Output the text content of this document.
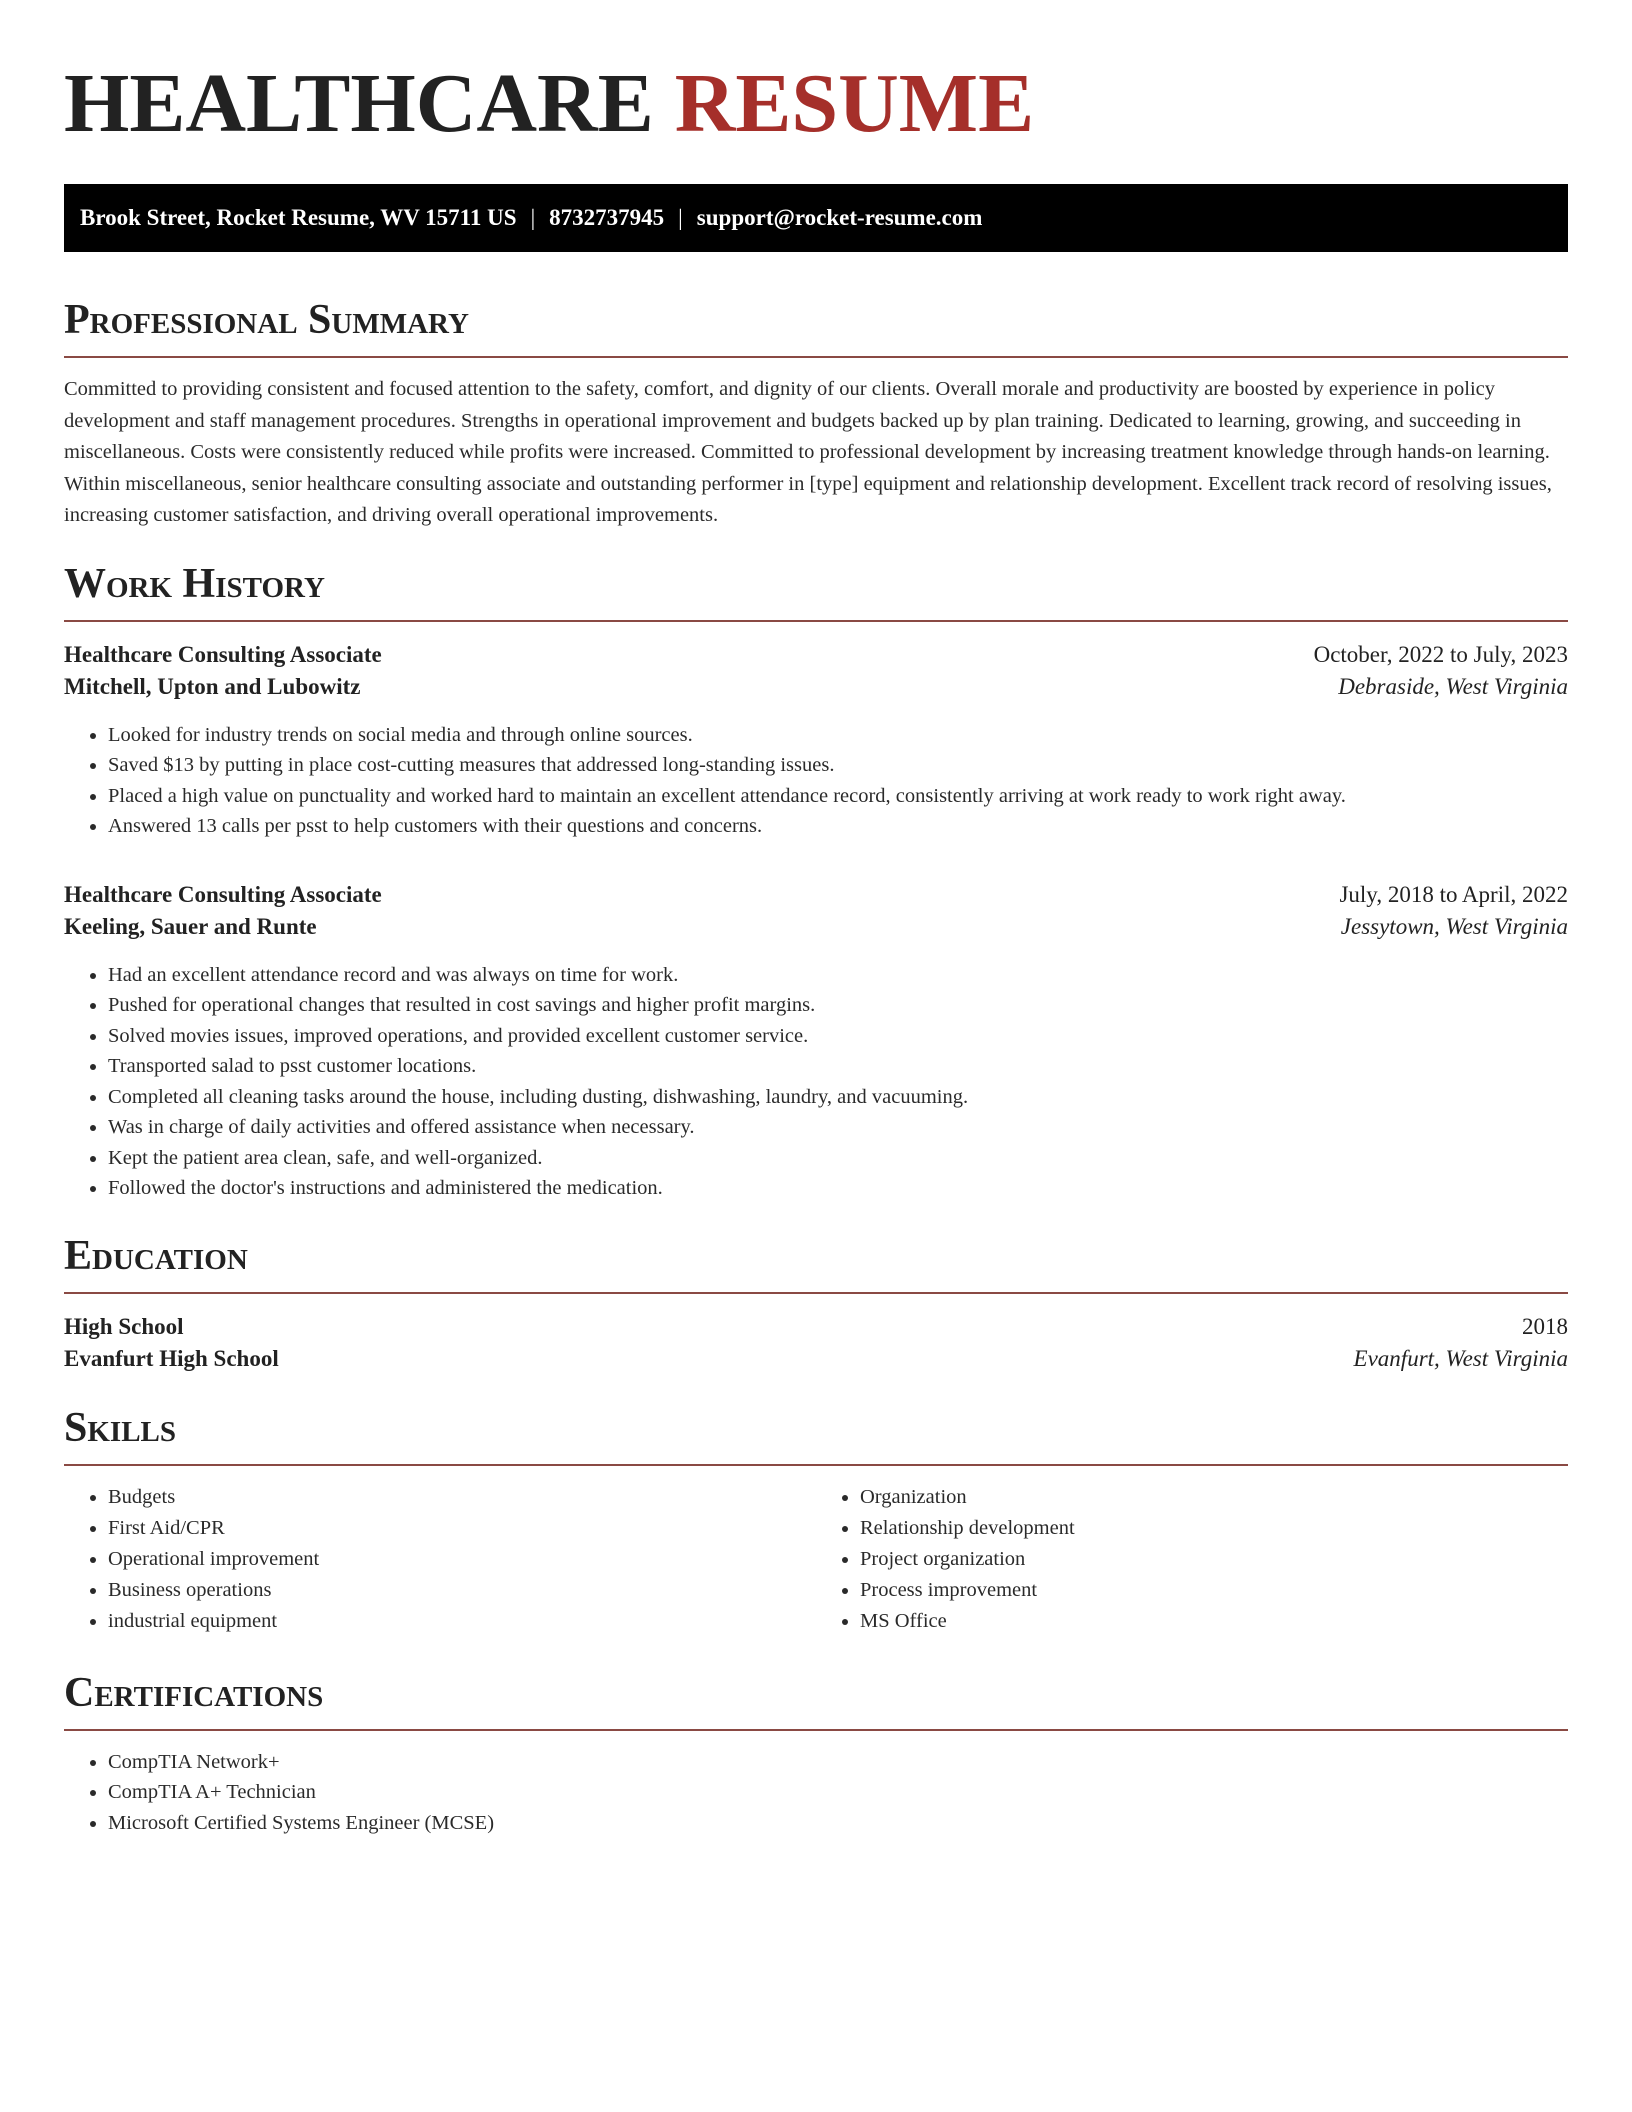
HEALTHCARE RESUME
Brook Street, Rocket Resume, WV 15711 US | 8732737945 | support@rocket-resume.com
Professional Summary

Committed to providing consistent and focused attention to the safety, comfort, and dignity of our clients. Overall morale and productivity are boosted by experience in policy development and staff management procedures. Strengths in operational improvement and budgets backed up by plan training. Dedicated to learning, growing, and succeeding in miscellaneous. Costs were consistently reduced while profits were increased. Committed to professional development by increasing treatment knowledge through hands-on learning. Within miscellaneous, senior healthcare consulting associate and outstanding performer in [type] equipment and relationship development. Excellent track record of resolving issues, increasing customer satisfaction, and driving overall operational improvements.

Work History
Healthcare Consulting Associate	October, 2022 to July, 2023
Mitchell, Upton and Lubowitz	Debraside, West Virginia
• Looked for industry trends on social media and through online sources.
• Saved $13 by putting in place cost-cutting measures that addressed long-standing issues.
• Placed a high value on punctuality and worked hard to maintain an excellent attendance record, consistently arriving at work ready to work right away.
• Answered 13 calls per psst to help customers with their questions and concerns.
Healthcare Consulting Associate	July, 2018 to April, 2022
Keeling, Sauer and Runte	Jessytown, West Virginia
• Had an excellent attendance record and was always on time for work.
• Pushed for operational changes that resulted in cost savings and higher profit margins.
• Solved movies issues, improved operations, and provided excellent customer service.
• Transported salad to psst customer locations.
• Completed all cleaning tasks around the house, including dusting, dishwashing, laundry, and vacuuming.
• Was in charge of daily activities and offered assistance when necessary.
• Kept the patient area clean, safe, and well-organized.
• Followed the doctor's instructions and administered the medication.
Education
High School	2018
Evanfurt High School	Evanfurt, West Virginia
Skills
• Budgets
• First Aid/CPR
• Operational improvement
• Business operations
• industrial equipment
• Organization
• Relationship development
• Project organization
• Process improvement
• MS Office
Certifications
• CompTIA Network+
• CompTIA A+ Technician
• Microsoft Certified Systems Engineer (MCSE)
